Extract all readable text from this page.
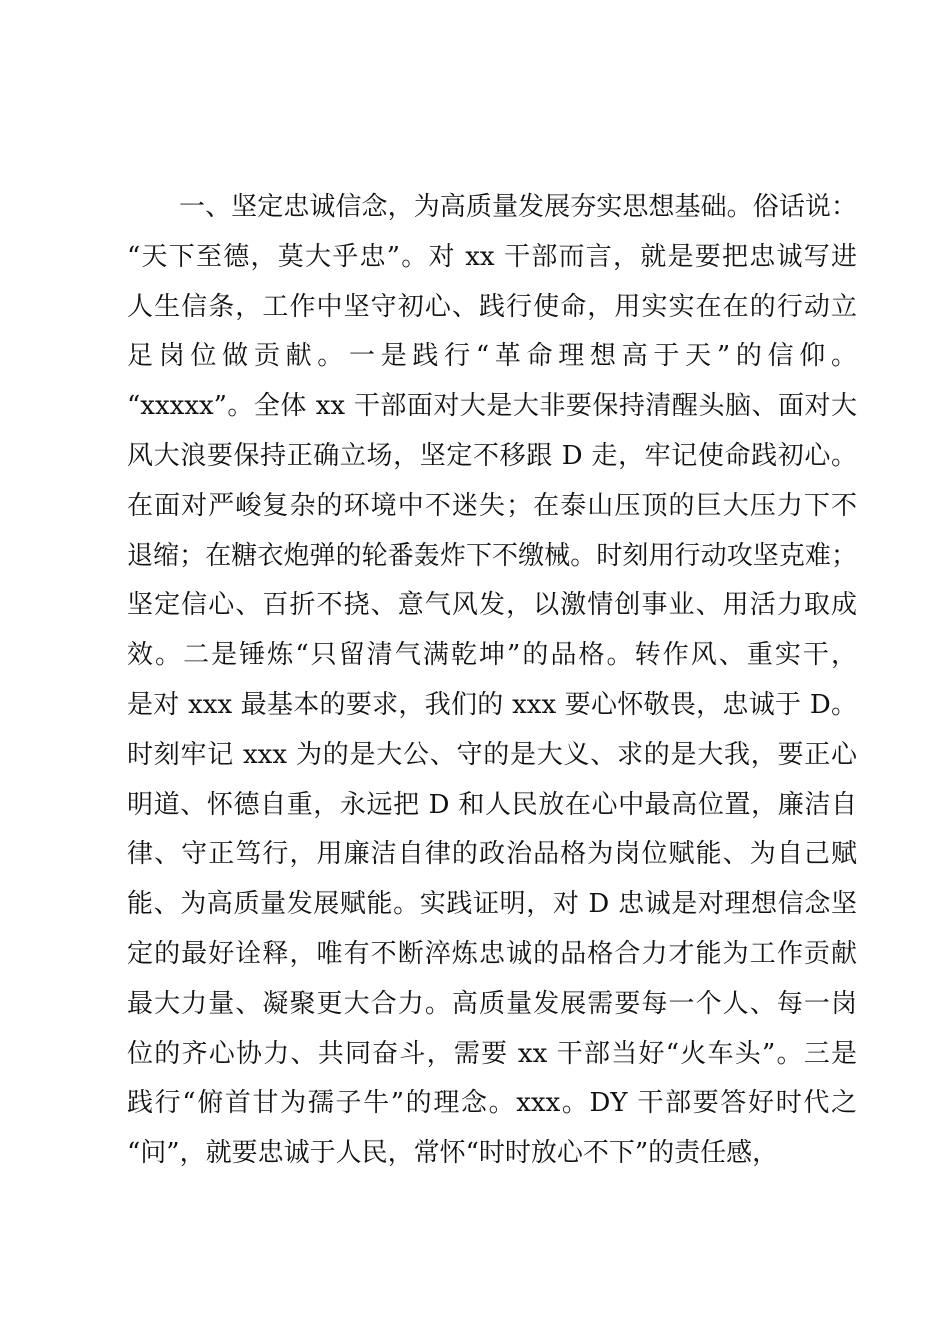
一、坚定忠诚信念，为高质量发展夯实思想基础。俗话说：
“天下至德，莫大乎忠”。对 xx 干部而言，就是要把忠诚写进
人生信条，工作中坚守初心、践行使命，用实实在在的行动立
足岗位做贡献。一是践行“革命理想高于天”的信仰。
“xxxxx”。全体 xx 干部面对大是大非要保持清醒头脑、面对大
风大浪要保持正确立场，坚定不移跟 D 走，牢记使命践初心。
在面对严峻复杂的环境中不迷失；在泰山压顶的巨大压力下不
退缩；在糖衣炮弹的轮番轰炸下不缴械。时刻用行动攻坚克难；
坚定信心、百折不挠、意气风发，以激情创事业、用活力取成
效。二是锤炼“只留清气满乾坤”的品格。转作风、重实干，
是对 xxx 最基本的要求，我们的 xxx 要心怀敬畏，忠诚于 D。
时刻牢记 xxx 为的是大公、守的是大义、求的是大我，要正心
明道、怀德自重，永远把 D 和人民放在心中最高位置，廉洁自
律、守正笃行，用廉洁自律的政治品格为岗位赋能、为自己赋
能、为高质量发展赋能。实践证明，对 D 忠诚是对理想信念坚
定的最好诠释，唯有不断淬炼忠诚的品格合力才能为工作贡献
最大力量、凝聚更大合力。高质量发展需要每一个人、每一岗
位的齐心协力、共同奋斗，需要 xx 干部当好“火车头”。三是
践行“俯首甘为孺子牛”的理念。xxx。DY 干部要答好时代之
“问”，就要忠诚于人民，常怀“时时放心不下”的责任感，
